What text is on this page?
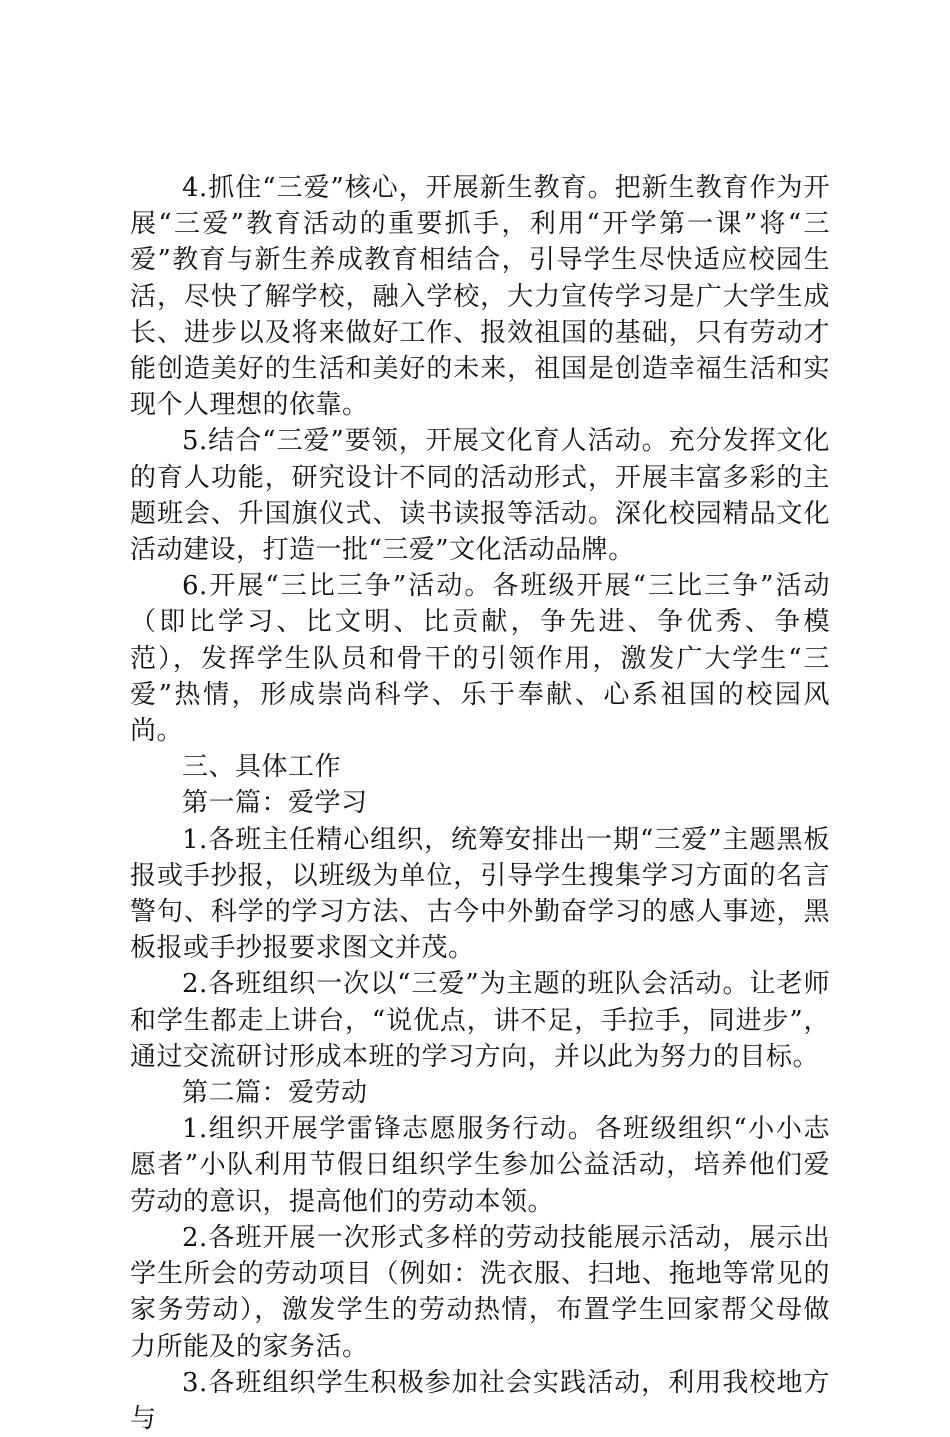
4.抓住“三爱”核心，开展新生教育。把新生教育作为开展“三爱”教育活动的重要抓手，利用“开学第一课”将“三爱”教育与新生养成教育相结合，引导学生尽快适应校园生活，尽快了解学校，融入学校，大力宣传学习是广大学生成长、进步以及将来做好工作、报效祖国的基础，只有劳动才能创造美好的生活和美好的未来，祖国是创造幸福生活和实现个人理想的依靠。

5.结合“三爱”要领，开展文化育人活动。充分发挥文化的育人功能，研究设计不同的活动形式，开展丰富多彩的主题班会、升国旗仪式、读书读报等活动。深化校园精品文化活动建设，打造一批“三爱”文化活动品牌。

6.开展“三比三争”活动。各班级开展“三比三争”活动（即比学习、比文明、比贡献，争先进、争优秀、争模范），发挥学生队员和骨干的引领作用，激发广大学生“三爱”热情，形成崇尚科学、乐于奉献、心系祖国的校园风尚。

三、具体工作

第一篇：爱学习

1.各班主任精心组织，统筹安排出一期“三爱”主题黑板报或手抄报，以班级为单位，引导学生搜集学习方面的名言警句、科学的学习方法、古今中外勤奋学习的感人事迹，黑板报或手抄报要求图文并茂。

2.各班组织一次以“三爱”为主题的班队会活动。让老师和学生都走上讲台，“说优点，讲不足，手拉手，同进步”，通过交流研讨形成本班的学习方向，并以此为努力的目标。

第二篇：爱劳动

1.组织开展学雷锋志愿服务行动。各班级组织“小小志愿者”小队利用节假日组织学生参加公益活动，培养他们爱劳动的意识，提高他们的劳动本领。

2.各班开展一次形式多样的劳动技能展示活动，展示出学生所会的劳动项目（例如：洗衣服、扫地、拖地等常见的家务劳动），激发学生的劳动热情，布置学生回家帮父母做力所能及的家务活。

3.各班组织学生积极参加社会实践活动，利用我校地方与
